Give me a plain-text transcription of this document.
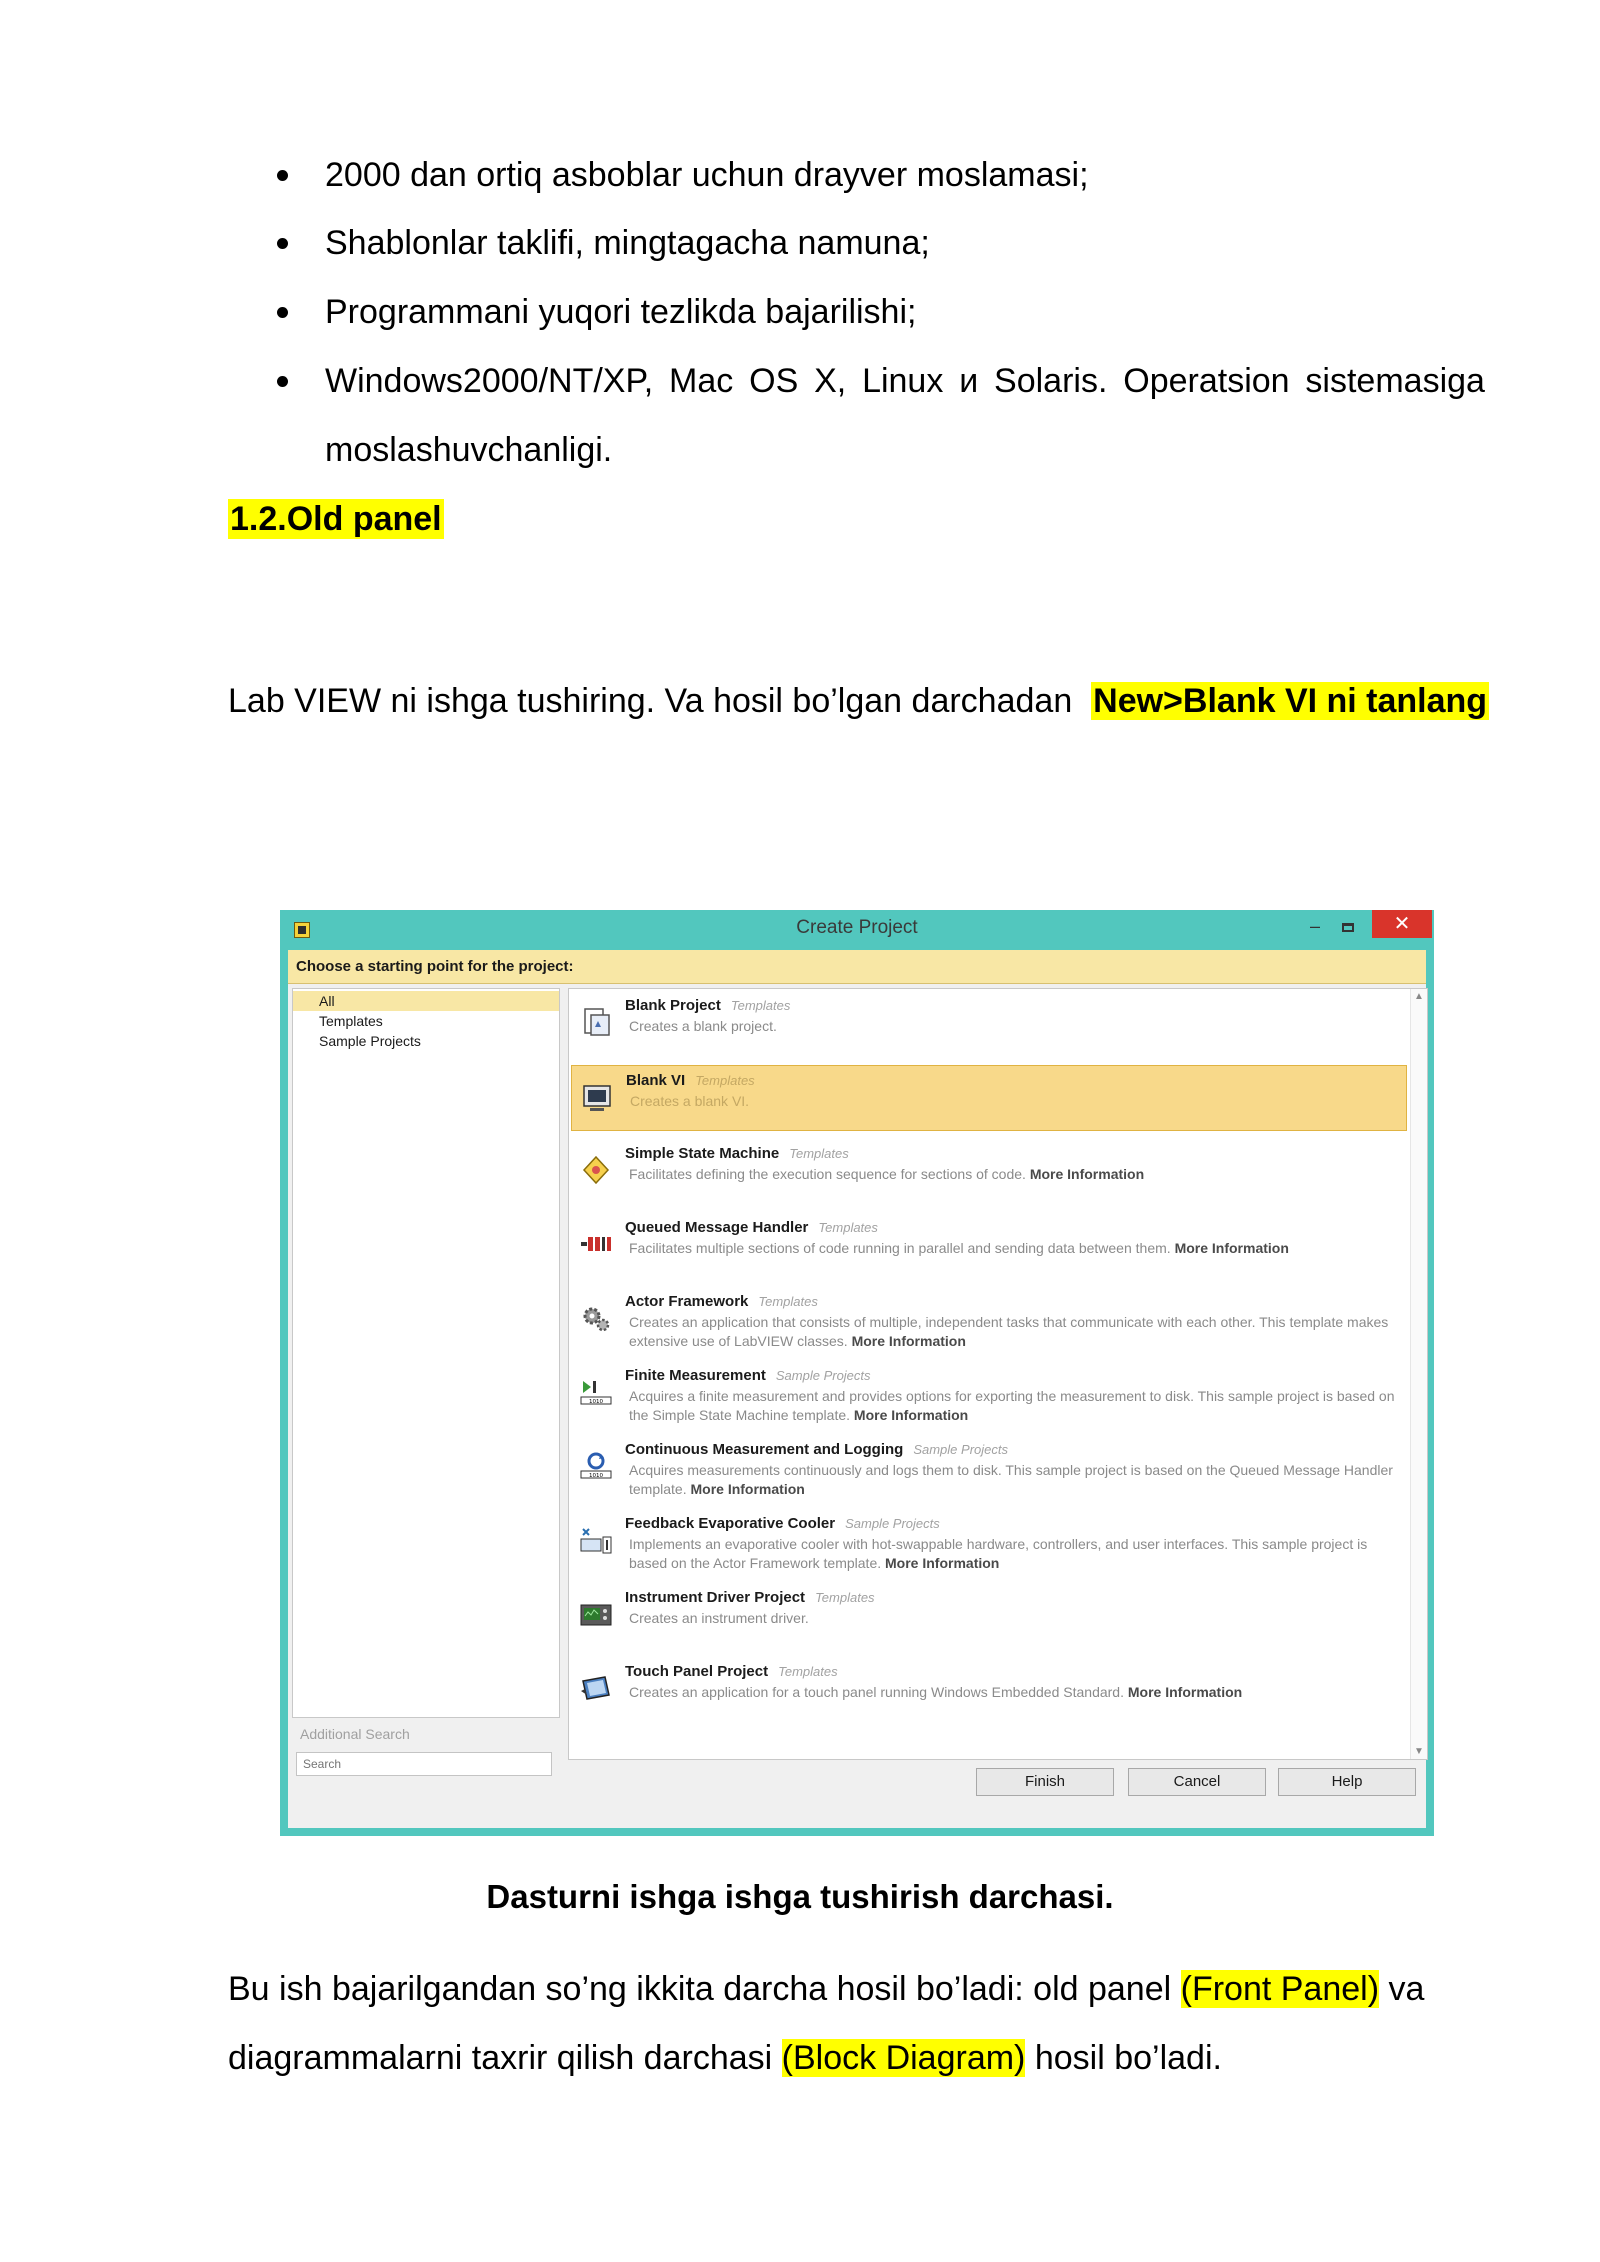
2000 dan ortiq asboblar uchun drayver moslamasi;
Shablonlar taklifi, mingtagacha namuna;
Programmani yuqori tezlikda bajarilishi;
Windows2000/NT/XP, Mac OS X, Linux и Solaris. Operatsion sistemasiga
moslashuvchanligi.
1.2.Old panel
Lab VIEW ni ishga tushiring. Va hosil bo’lgan darchadan New>Blank VI ni tanlang
Create Project	–	✕
Choose a starting point for the project:
All
Templates
Sample Projects
Additional Search
Search
▲
▼
Blank Project Templates
Creates a blank project.
Blank VI Templates
Creates a blank VI.
Simple State Machine Templates
Facilitates defining the execution sequence for sections of code. More Information
Queued Message Handler Templates
Facilitates multiple sections of code running in parallel and sending data between them. More Information
Actor Framework Templates
Creates an application that consists of multiple, independent tasks that communicate with each other. This template makes extensive use of LabVIEW classes. More Information
1010
Finite Measurement Sample Projects
Acquires a finite measurement and provides options for exporting the measurement to disk. This sample project is based on the Simple State Machine template. More Information
1010
Continuous Measurement and Logging Sample Projects
Acquires measurements continuously and logs them to disk. This sample project is based on the Queued Message Handler template. More Information
Feedback Evaporative Cooler Sample Projects
Implements an evaporative cooler with hot-swappable hardware, controllers, and user interfaces. This sample project is based on the Actor Framework template. More Information
Instrument Driver Project Templates
Creates an instrument driver.
Touch Panel Project Templates
Creates an application for a touch panel running Windows Embedded Standard. More Information
Finish	Cancel	Help
Dasturni ishga ishga tushirish darchasi.
Bu ish bajarilgandan so’ng ikkita darcha hosil bo’ladi: old panel (Front Panel) va
diagrammalarni taxrir qilish darchasi (Block Diagram) hosil bo’ladi.
